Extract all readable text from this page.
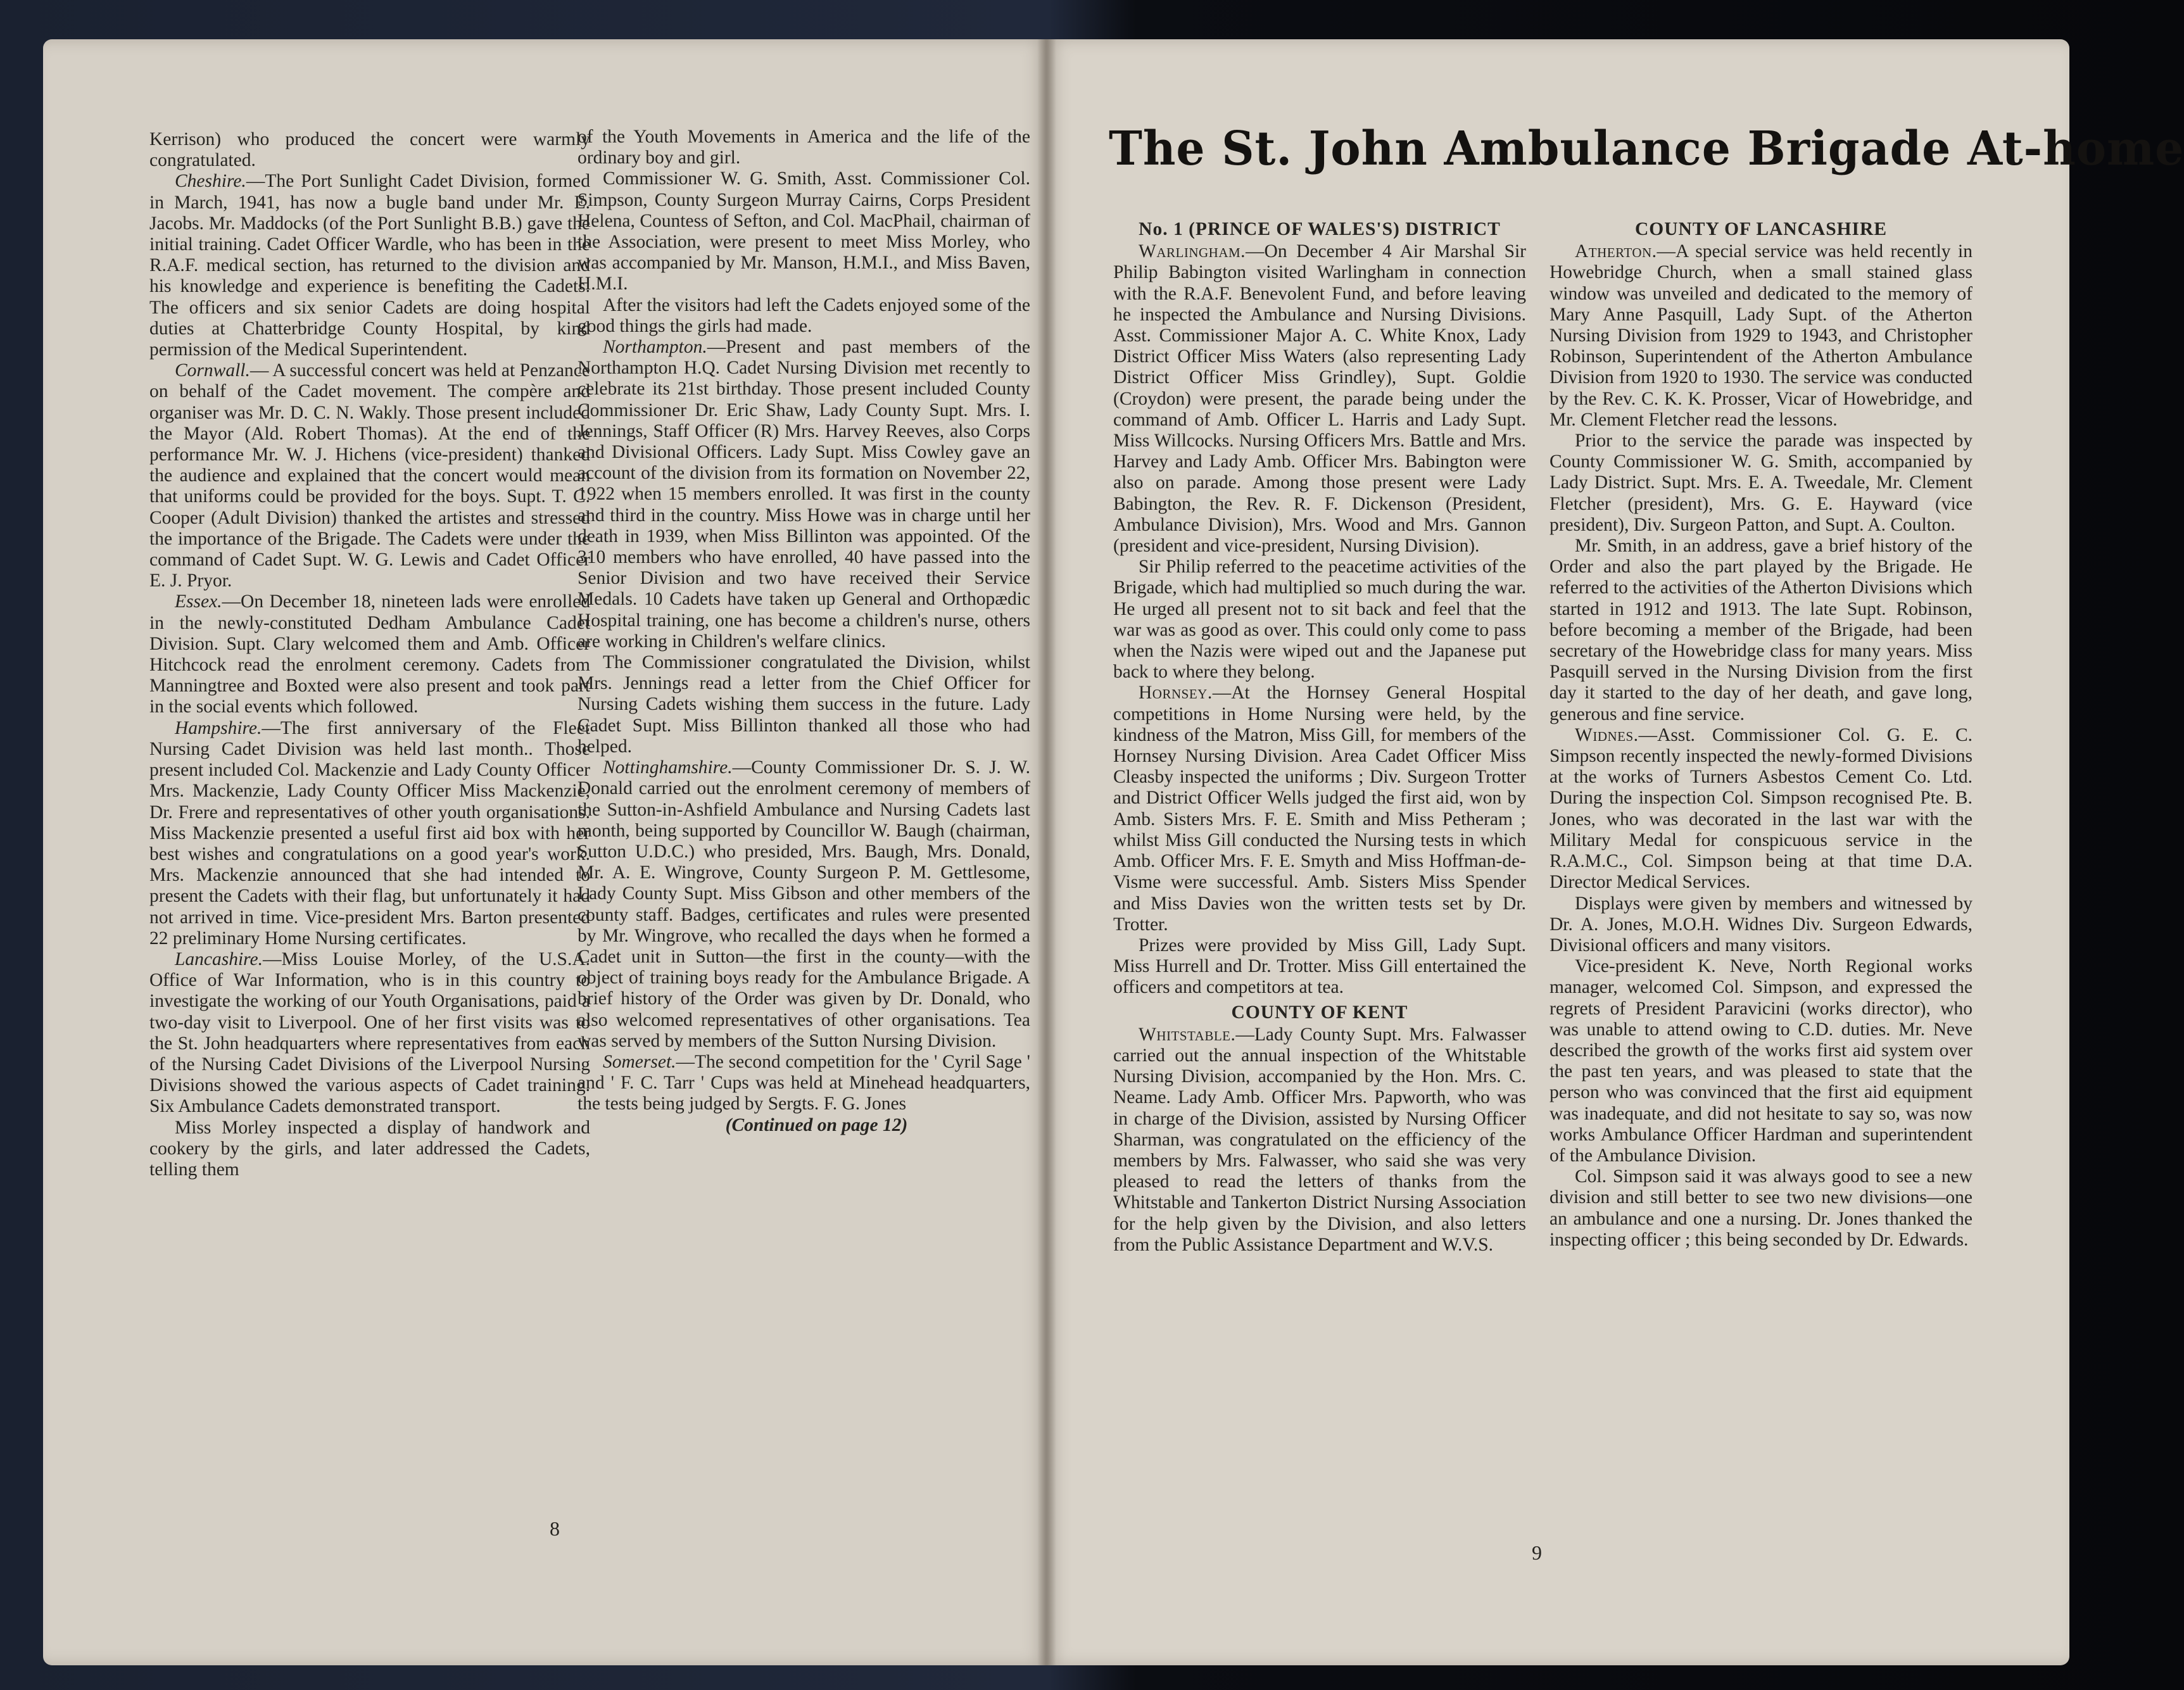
Kerrison) who produced the concert were warmly congratulated.

Cheshire.—The Port Sunlight Cadet Division, formed in March, 1941, has now a bugle band under Mr. E. Jacobs. Mr. Maddocks (of the Port Sunlight B.B.) gave the initial training. Cadet Officer Wardle, who has been in the R.A.F. medical section, has returned to the division and his knowledge and experience is benefiting the Cadets. The officers and six senior Cadets are doing hospital duties at Chatterbridge County Hospital, by kind permission of the Medical Superintendent.

Cornwall.— A successful concert was held at Penzance on behalf of the Cadet movement. The compère and organiser was Mr. D. C. N. Wakly. Those present included the Mayor (Ald. Robert Thomas). At the end of the performance Mr. W. J. Hichens (vice-president) thanked the audience and explained that the concert would mean that uniforms could be provided for the boys. Supt. T. C. Cooper (Adult Division) thanked the artistes and stressed the importance of the Brigade. The Cadets were under the command of Cadet Supt. W. G. Lewis and Cadet Officer E. J. Pryor.

Essex.—On December 18, nineteen lads were enrolled in the newly-constituted Dedham Ambulance Cadet Division. Supt. Clary welcomed them and Amb. Officer Hitchcock read the enrolment ceremony. Cadets from Manningtree and Boxted were also present and took part in the social events which followed.

Hampshire.—The first anniversary of the Fleet Nursing Cadet Division was held last month.. Those present included Col. Mackenzie and Lady County Officer Mrs. Mackenzie, Lady County Officer Miss Mackenzie, Dr. Frere and representatives of other youth organisations. Miss Mackenzie presented a useful first aid box with her best wishes and congratulations on a good year's work. Mrs. Mackenzie announced that she had intended to present the Cadets with their flag, but unfortunately it had not arrived in time. Vice-president Mrs. Barton presented 22 preliminary Home Nursing certificates.

Lancashire.—Miss Louise Morley, of the U.S.A. Office of War Information, who is in this country to investigate the working of our Youth Organisations, paid a two-day visit to Liverpool. One of her first visits was to the St. John headquarters where representatives from each of the Nursing Cadet Divisions of the Liverpool Nursing Divisions showed the various aspects of Cadet training. Six Ambulance Cadets demonstrated transport.

Miss Morley inspected a display of handwork and cookery by the girls, and later addressed the Cadets, telling them

of the Youth Movements in America and the life of the ordinary boy and girl.

Commissioner W. G. Smith, Asst. Commissioner Col. Simpson, County Surgeon Murray Cairns, Corps President Helena, Countess of Sefton, and Col. MacPhail, chairman of the Association, were present to meet Miss Morley, who was accompanied by Mr. Manson, H.M.I., and Miss Baven, H.M.I.

After the visitors had left the Cadets enjoyed some of the good things the girls had made.

Northampton.—Present and past members of the Northampton H.Q. Cadet Nursing Division met recently to celebrate its 21st birthday. Those present included County Commissioner Dr. Eric Shaw, Lady County Supt. Mrs. I. Jennings, Staff Officer (R) Mrs. Harvey Reeves, also Corps and Divisional Officers. Lady Supt. Miss Cowley gave an account of the division from its formation on November 22, 1922 when 15 members enrolled. It was first in the county and third in the country. Miss Howe was in charge until her death in 1939, when Miss Billinton was appointed. Of the 310 members who have enrolled, 40 have passed into the Senior Division and two have received their Service Medals. 10 Cadets have taken up General and Orthopædic Hospital training, one has become a children's nurse, others are working in Children's welfare clinics.

The Commissioner congratulated the Division, whilst Mrs. Jennings read a letter from the Chief Officer for Nursing Cadets wishing them success in the future. Lady Cadet Supt. Miss Billinton thanked all those who had helped.

Nottinghamshire.—County Commissioner Dr. S. J. W. Donald carried out the enrolment ceremony of members of the Sutton-in-Ashfield Ambulance and Nursing Cadets last month, being supported by Councillor W. Baugh (chairman, Sutton U.D.C.) who presided, Mrs. Baugh, Mrs. Donald, Mr. A. E. Wingrove, County Surgeon P. M. Gettlesome, Lady County Supt. Miss Gibson and other members of the county staff. Badges, certificates and rules were presented by Mr. Wingrove, who recalled the days when he formed a Cadet unit in Sutton—the first in the county—with the object of training boys ready for the Ambulance Brigade. A brief history of the Order was given by Dr. Donald, who also welcomed representatives of other organisations. Tea was served by members of the Sutton Nursing Division.

Somerset.—The second competition for the ' Cyril Sage ' and ' F. C. Tarr ' Cups was held at Minehead headquarters, the tests being judged by Sergts. F. G. Jones

(Continued on page 12)

8
The St. John Ambulance Brigade At-home
No. 1 (PRINCE OF WALES'S) DISTRICT

Warlingham.—On December 4 Air Marshal Sir Philip Babington visited Warlingham in connection with the R.A.F. Benevolent Fund, and before leaving he inspected the Ambulance and Nursing Divisions. Asst. Commissioner Major A. C. White Knox, Lady District Officer Miss Waters (also representing Lady District Officer Miss Grindley), Supt. Goldie (Croydon) were present, the parade being under the command of Amb. Officer L. Harris and Lady Supt. Miss Willcocks. Nursing Officers Mrs. Battle and Mrs. Harvey and Lady Amb. Officer Mrs. Babington were also on parade. Among those present were Lady Babington, the Rev. R. F. Dickenson (President, Ambulance Division), Mrs. Wood and Mrs. Gannon (president and vice-president, Nursing Division).

Sir Philip referred to the peacetime activities of the Brigade, which had multiplied so much during the war. He urged all present not to sit back and feel that the war was as good as over. This could only come to pass when the Nazis were wiped out and the Japanese put back to where they belong.

Hornsey.—At the Hornsey General Hospital competitions in Home Nursing were held, by the kindness of the Matron, Miss Gill, for members of the Hornsey Nursing Division. Area Cadet Officer Miss Cleasby inspected the uniforms ; Div. Surgeon Trotter and District Officer Wells judged the first aid, won by Amb. Sisters Mrs. F. E. Smith and Miss Petheram ; whilst Miss Gill conducted the Nursing tests in which Amb. Officer Mrs. F. E. Smyth and Miss Hoffman-de-Visme were successful. Amb. Sisters Miss Spender and Miss Davies won the written tests set by Dr. Trotter.

Prizes were provided by Miss Gill, Lady Supt. Miss Hurrell and Dr. Trotter. Miss Gill entertained the officers and competitors at tea.

COUNTY OF KENT

Whitstable.—Lady County Supt. Mrs. Falwasser carried out the annual inspection of the Whitstable Nursing Division, accompanied by the Hon. Mrs. C. Neame. Lady Amb. Officer Mrs. Papworth, who was in charge of the Division, assisted by Nursing Officer Sharman, was congratulated on the efficiency of the members by Mrs. Falwasser, who said she was very pleased to read the letters of thanks from the Whitstable and Tankerton District Nursing Association for the help given by the Division, and also letters from the Public Assistance Department and W.V.S.

COUNTY OF LANCASHIRE

Atherton.—A special service was held recently in Howebridge Church, when a small stained glass window was unveiled and dedicated to the memory of Mary Anne Pasquill, Lady Supt. of the Atherton Nursing Division from 1929 to 1943, and Christopher Robinson, Superintendent of the Atherton Ambulance Division from 1920 to 1930. The service was conducted by the Rev. C. K. K. Prosser, Vicar of Howebridge, and Mr. Clement Fletcher read the lessons.

Prior to the service the parade was inspected by County Commissioner W. G. Smith, accompanied by Lady District. Supt. Mrs. E. A. Tweedale, Mr. Clement Fletcher (president), Mrs. G. E. Hayward (vice president), Div. Surgeon Patton, and Supt. A. Coulton.

Mr. Smith, in an address, gave a brief history of the Order and also the part played by the Brigade. He referred to the activities of the Atherton Divisions which started in 1912 and 1913. The late Supt. Robinson, before becoming a member of the Brigade, had been secretary of the Howebridge class for many years. Miss Pasquill served in the Nursing Division from the first day it started to the day of her death, and gave long, generous and fine service.

Widnes.—Asst. Commissioner Col. G. E. C. Simpson recently inspected the newly-formed Divisions at the works of Turners Asbestos Cement Co. Ltd. During the inspection Col. Simpson recognised Pte. B. Jones, who was decorated in the last war with the Military Medal for conspicuous service in the R.A.M.C., Col. Simpson being at that time D.A. Director Medical Services.

Displays were given by members and witnessed by Dr. A. Jones, M.O.H. Widnes Div. Surgeon Edwards, Divisional officers and many visitors.

Vice-president K. Neve, North Regional works manager, welcomed Col. Simpson, and expressed the regrets of President Paravicini (works director), who was unable to attend owing to C.D. duties. Mr. Neve described the growth of the works first aid system over the past ten years, and was pleased to state that the person who was convinced that the first aid equipment was inadequate, and did not hesitate to say so, was now works Ambulance Officer Hardman and superintendent of the Ambulance Division.

Col. Simpson said it was always good to see a new division and still better to see two new divisions—one an ambulance and one a nursing. Dr. Jones thanked the inspecting officer ; this being seconded by Dr. Edwards.

9
